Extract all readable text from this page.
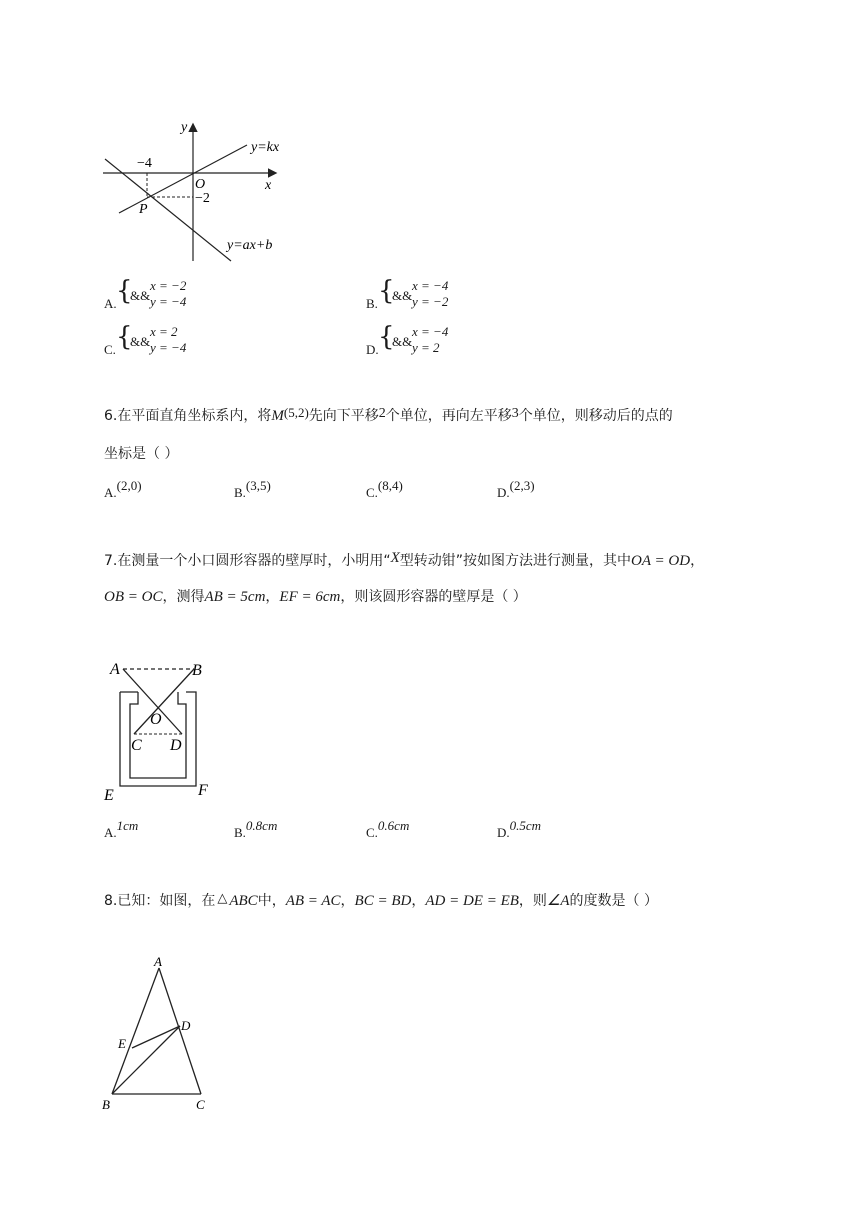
y
x
O
−4
−2
P
y=kx
y=ax+b
A. {
&&
x = −2
y = −4	B. {
&&
x = −4
y = −2
C. {
&&
x = 2
y = −4	D. {
&&
x = −4
y = 2
6.在平面直角坐标系内，将M(5,2)先向下平移2个单位，再向左平移3个单位，则移动后的点的
坐标是（ ）
A.(2,0)	B.(3,5)	C.(8,4)	D.(2,3)
7.在测量一个小口圆形容器的壁厚时，小明用“X型转动钳”按如图方法进行测量，其中OA = OD，
OB = OC，测得AB = 5cm，EF = 6cm，则该圆形容器的壁厚是（ ）
A	B
O
C D
E	F
A.1cm	B.0.8cm	C.0.6cm	D.0.5cm
8.已知：如图，在 △ ABC中，AB = AC，BC = BD，AD = DE = EB，则∠A的度数是（ ）
A
B	C
D
E
